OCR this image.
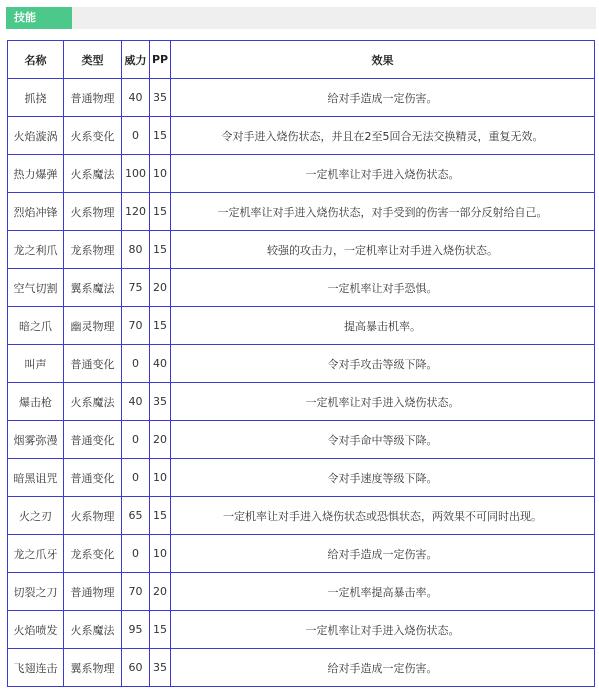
技能
名称	类型	威力	PP	效果
抓挠	普通物理	40	35	给对手造成一定伤害。
火焰漩涡	火系变化	0	15	令对手进入烧伤状态，并且在2至5回合无法交换精灵，重复无效。
热力爆弹	火系魔法	100	10	一定机率让对手进入烧伤状态。
烈焰冲锋	火系物理	120	15	一定机率让对手进入烧伤状态，对手受到的伤害一部分反射给自己。
龙之利爪	龙系物理	80	15	较强的攻击力，一定机率让对手进入烧伤状态。
空气切割	翼系魔法	75	20	一定机率让对手恐惧。
暗之爪	幽灵物理	70	15	提高暴击机率。
叫声	普通变化	0	40	令对手攻击等级下降。
爆击枪	火系魔法	40	35	一定机率让对手进入烧伤状态。
烟雾弥漫	普通变化	0	20	令对手命中等级下降。
暗黑诅咒	普通变化	0	10	令对手速度等级下降。
火之刃	火系物理	65	15	一定机率让对手进入烧伤状态或恐惧状态，两效果不可同时出现。
龙之爪牙	龙系变化	0	10	给对手造成一定伤害。
切裂之刀	普通物理	70	20	一定机率提高暴击率。
火焰喷发	火系魔法	95	15	一定机率让对手进入烧伤状态。
飞翅连击	翼系物理	60	35	给对手造成一定伤害。
